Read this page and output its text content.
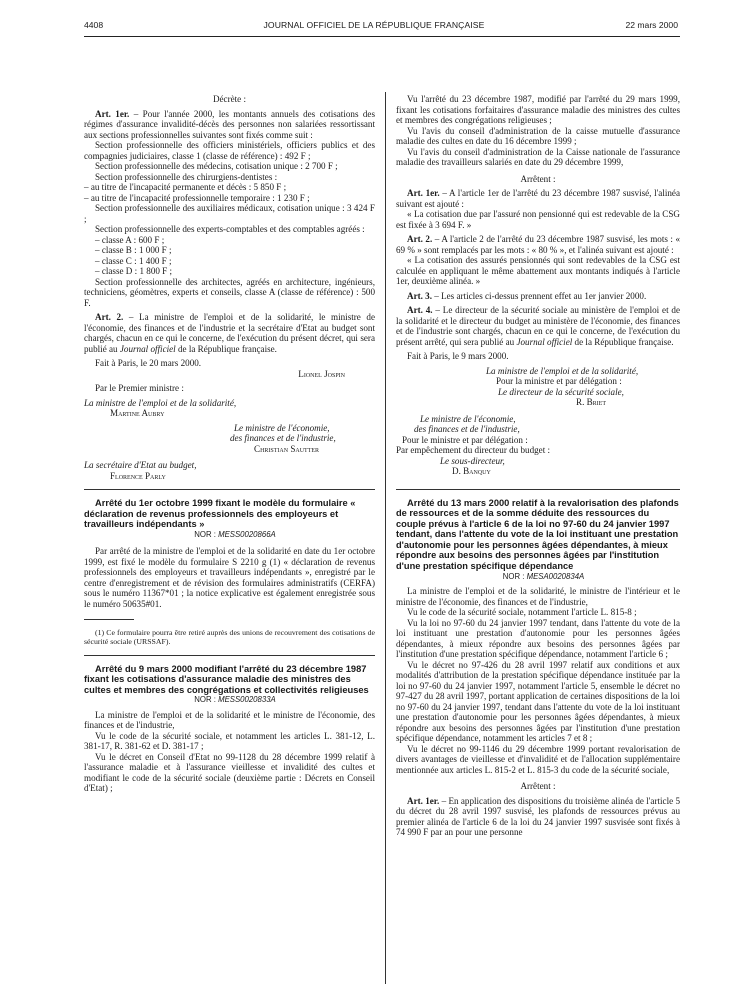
4408	JOURNAL OFFICIEL DE LA RÉPUBLIQUE FRANÇAISE	22 mars 2000

Décrète :

Art. 1er. – Pour l'année 2000, les montants annuels des cotisations des régimes d'assurance invalidité-décès des personnes non salariées ressortissant aux sections professionnelles suivantes sont fixés comme suit :

Section professionnelle des officiers ministériels, officiers publics et des compagnies judiciaires, classe 1 (classe de référence) : 492 F ;

Section professionnelle des médecins, cotisation unique : 2 700 F ;

Section professionnelle des chirurgiens-dentistes :

– au titre de l'incapacité permanente et décès : 5 850 F ;

– au titre de l'incapacité professionnelle temporaire : 1 230 F ;

Section professionnelle des auxiliaires médicaux, cotisation unique : 3 424 F ;

Section professionnelle des experts-comptables et des comptables agréés :

– classe A : 600 F ;

– classe B : 1 000 F ;

– classe C : 1 400 F ;

– classe D : 1 800 F ;

Section professionnelle des architectes, agréés en architecture, ingénieurs, techniciens, géomètres, experts et conseils, classe A (classe de référence) : 500 F.

Art. 2. – La ministre de l'emploi et de la solidarité, le ministre de l'économie, des finances et de l'industrie et la secrétaire d'Etat au budget sont chargés, chacun en ce qui le concerne, de l'exécution du présent décret, qui sera publié au Journal officiel de la République française.

Fait à Paris, le 20 mars 2000.

Lionel Jospin

Par le Premier ministre :

La ministre de l'emploi et de la solidarité,

Martine Aubry

Le ministre de l'économie,

des finances et de l'industrie,

Christian Sautter

La secrétaire d'Etat au budget,

Florence Parly

Arrêté du 1er octobre 1999 fixant le modèle du formulaire « déclaration de revenus professionnels des employeurs et travailleurs indépendants »

NOR : MESS0020866A

Par arrêté de la ministre de l'emploi et de la solidarité en date du 1er octobre 1999, est fixé le modèle du formulaire S 2210 g (1) « déclaration de revenus professionnels des employeurs et travailleurs indépendants », enregistré par le centre d'enregistrement et de révision des formulaires administratifs (CERFA) sous le numéro 11367*01 ; la notice explicative est également enregistrée sous le numéro 50635#01.

(1) Ce formulaire pourra être retiré auprès des unions de recouvrement des cotisations de sécurité sociale (URSSAF).

Arrêté du 9 mars 2000 modifiant l'arrêté du 23 décembre 1987 fixant les cotisations d'assurance maladie des ministres des cultes et membres des congrégations et collectivités religieuses

NOR : MESS0020833A

La ministre de l'emploi et de la solidarité et le ministre de l'économie, des finances et de l'industrie,

Vu le code de la sécurité sociale, et notamment les articles L. 381-12, L. 381-17, R. 381-62 et D. 381-17 ;

Vu le décret en Conseil d'Etat no 99-1128 du 28 décembre 1999 relatif à l'assurance maladie et à l'assurance vieillesse et invalidité des cultes et modifiant le code de la sécurité sociale (deuxième partie : Décrets en Conseil d'Etat) ;

Vu l'arrêté du 23 décembre 1987, modifié par l'arrêté du 29 mars 1999, fixant les cotisations forfaitaires d'assurance maladie des ministres des cultes et membres des congrégations religieuses ;

Vu l'avis du conseil d'administration de la caisse mutuelle d'assurance maladie des cultes en date du 16 décembre 1999 ;

Vu l'avis du conseil d'administration de la Caisse nationale de l'assurance maladie des travailleurs salariés en date du 29 décembre 1999,

Arrêtent :

Art. 1er. – A l'article 1er de l'arrêté du 23 décembre 1987 susvisé, l'alinéa suivant est ajouté :

« La cotisation due par l'assuré non pensionné qui est redevable de la CSG est fixée à 3 694 F. »

Art. 2. – A l'article 2 de l'arrêté du 23 décembre 1987 susvisé, les mots : « 69 % » sont remplacés par les mots : « 80 % », et l'alinéa suivant est ajouté :

« La cotisation des assurés pensionnés qui sont redevables de la CSG est calculée en appliquant le même abattement aux montants indiqués à l'article 1er, deuxième alinéa. »

Art. 3. – Les articles ci-dessus prennent effet au 1er janvier 2000.

Art. 4. – Le directeur de la sécurité sociale au ministère de l'emploi et de la solidarité et le directeur du budget au ministère de l'économie, des finances et de l'industrie sont chargés, chacun en ce qui le concerne, de l'exécution du présent arrêté, qui sera publié au Journal officiel de la République française.

Fait à Paris, le 9 mars 2000.

La ministre de l'emploi et de la solidarité,

Pour la ministre et par délégation :

Le directeur de la sécurité sociale,

R. Briet

Le ministre de l'économie,

des finances et de l'industrie,

Pour le ministre et par délégation :

Par empêchement du directeur du budget :

Le sous-directeur,

D. Banquy

Arrêté du 13 mars 2000 relatif à la revalorisation des plafonds de ressources et de la somme déduite des ressources du couple prévus à l'article 6 de la loi no 97-60 du 24 janvier 1997 tendant, dans l'attente du vote de la loi instituant une prestation d'autonomie pour les personnes âgées dépendantes, à mieux répondre aux besoins des personnes âgées par l'institution d'une prestation spécifique dépendance

NOR : MESA0020834A

La ministre de l'emploi et de la solidarité, le ministre de l'intérieur et le ministre de l'économie, des finances et de l'industrie,

Vu le code de la sécurité sociale, notamment l'article L. 815-8 ;

Vu la loi no 97-60 du 24 janvier 1997 tendant, dans l'attente du vote de la loi instituant une prestation d'autonomie pour les personnes âgées dépendantes, à mieux répondre aux besoins des personnes âgées par l'institution d'une prestation spécifique dépendance, notamment l'article 6 ;

Vu le décret no 97-426 du 28 avril 1997 relatif aux conditions et aux modalités d'attribution de la prestation spécifique dépendance instituée par la loi no 97-60 du 24 janvier 1997, notamment l'article 5, ensemble le décret no 97-427 du 28 avril 1997, portant application de certaines dispositions de la loi no 97-60 du 24 janvier 1997, tendant dans l'attente du vote de la loi instituant une prestation d'autonomie pour les personnes âgées dépendantes, à mieux répondre aux besoins des personnes âgées par l'institution d'une prestation spécifique dépendance, notamment les articles 7 et 8 ;

Vu le décret no 99-1146 du 29 décembre 1999 portant revalorisation de divers avantages de vieillesse et d'invalidité et de l'allocation supplémentaire mentionnée aux articles L. 815-2 et L. 815-3 du code de la sécurité sociale,

Arrêtent :

Art. 1er. – En application des dispositions du troisième alinéa de l'article 5 du décret du 28 avril 1997 susvisé, les plafonds de ressources prévus au premier alinéa de l'article 6 de la loi du 24 janvier 1997 susvisée sont fixés à 74 990 F par an pour une personne
